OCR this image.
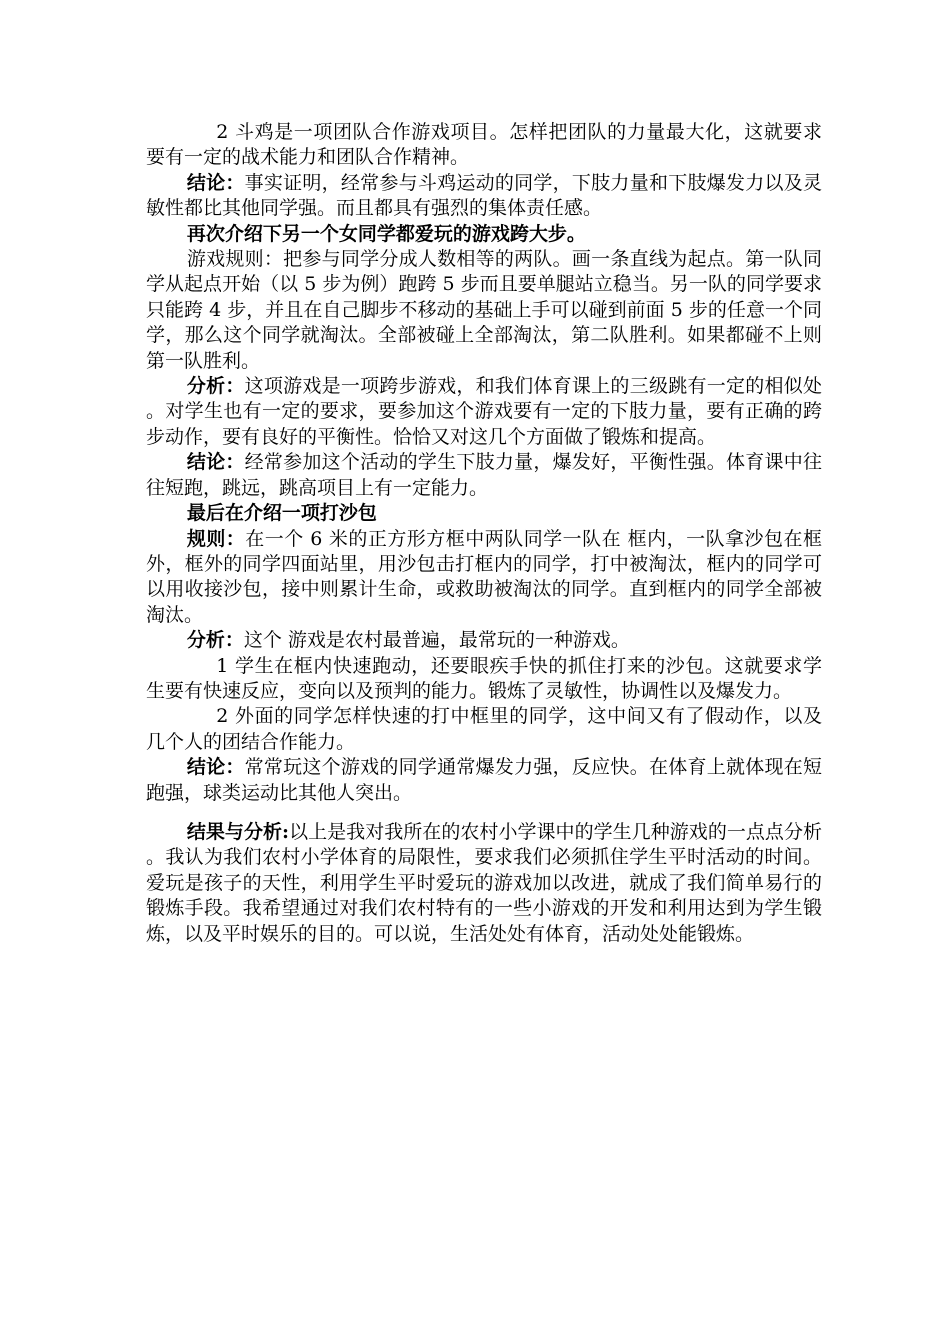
2 斗鸡是一项团队合作游戏项目。怎样把团队的力量最大化，这就要求要有一定的战术能力和团队合作精神。

结论：事实证明，经常参与斗鸡运动的同学，下肢力量和下肢爆发力以及灵敏性都比其他同学强。而且都具有强烈的集体责任感。

再次介绍下另一个女同学都爱玩的游戏跨大步。

游戏规则：把参与同学分成人数相等的两队。画一条直线为起点。第一队同学从起点开始（以 5 步为例）跑跨 5 步而且要单腿站立稳当。另一队的同学要求只能跨 4 步，并且在自己脚步不移动的基础上手可以碰到前面 5 步的任意一个同学，那么这个同学就淘汰。全部被碰上全部淘汰，第二队胜利。如果都碰不上则第一队胜利。

分析：这项游戏是一项跨步游戏，和我们体育课上的三级跳有一定的相似处。对学生也有一定的要求，要参加这个游戏要有一定的下肢力量，要有正确的跨步动作，要有良好的平衡性。恰恰又对这几个方面做了锻炼和提高。

结论：经常参加这个活动的学生下肢力量，爆发好，平衡性强。体育课中往往短跑，跳远，跳高项目上有一定能力。

最后在介绍一项打沙包

规则：在一个 6 米的正方形方框中两队同学一队在 框内，一队拿沙包在框外，框外的同学四面站里，用沙包击打框内的同学，打中被淘汰，框内的同学可以用收接沙包，接中则累计生命，或救助被淘汰的同学。直到框内的同学全部被淘汰。

分析：这个 游戏是农村最普遍，最常玩的一种游戏。

1 学生在框内快速跑动，还要眼疾手快的抓住打来的沙包。这就要求学生要有快速反应，变向以及预判的能力。锻炼了灵敏性，协调性以及爆发力。

2 外面的同学怎样快速的打中框里的同学，这中间又有了假动作，以及几个人的团结合作能力。

结论：常常玩这个游戏的同学通常爆发力强，反应快。在体育上就体现在短跑强，球类运动比其他人突出。

结果与分析:以上是我对我所在的农村小学课中的学生几种游戏的一点点分析。我认为我们农村小学体育的局限性，要求我们必须抓住学生平时活动的时间。爱玩是孩子的天性，利用学生平时爱玩的游戏加以改进，就成了我们简单易行的锻炼手段。我希望通过对我们农村特有的一些小游戏的开发和利用达到为学生锻炼，以及平时娱乐的目的。可以说，生活处处有体育，活动处处能锻炼。
